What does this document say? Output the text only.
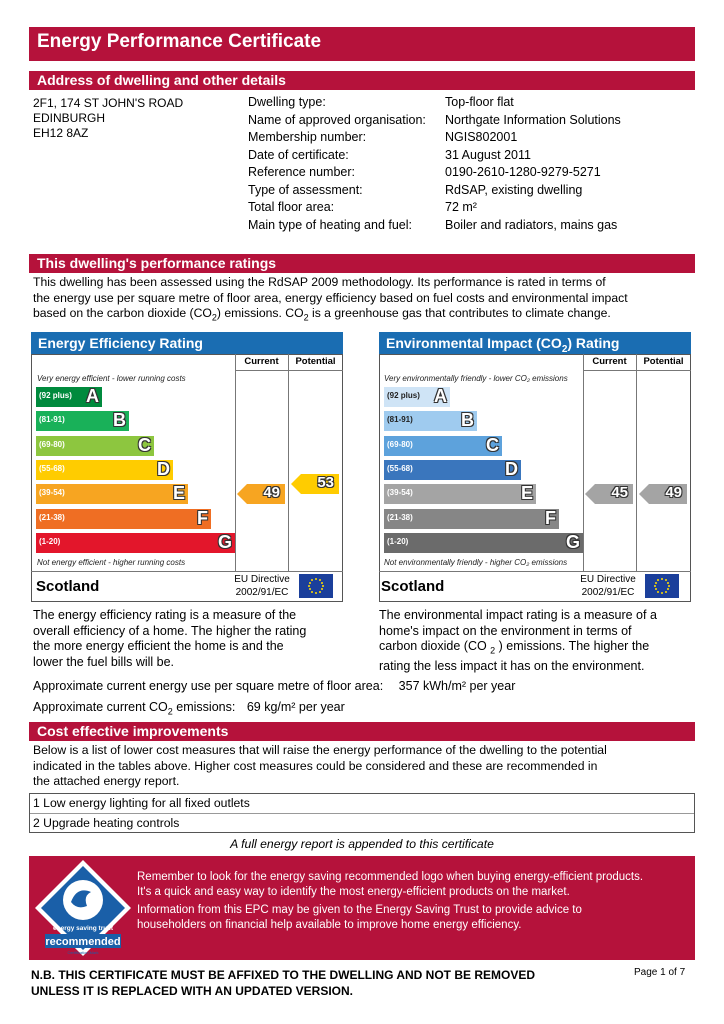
Energy Performance Certificate
Address of dwelling and other details
2F1, 174 ST JOHN'S ROAD
EDINBURGH
EH12 8AZ
Dwelling type:	Top-floor flat
Name of approved organisation:	Northgate Information Solutions
Membership number:	NGIS802001
Date of certificate:	31 August 2011
Reference number:	0190-2610-1280-9279-5271
Type of assessment:	RdSAP, existing dwelling
Total floor area:	72 m²
Main type of heating and fuel:	Boiler and radiators, mains gas
This dwelling's performance ratings
This dwelling has been assessed using the RdSAP 2009 methodology. Its performance is rated in terms of
the energy use per square metre of floor area, energy efficiency based on fuel costs and environmental impact
based on the carbon dioxide $(CO_2)$ emissions. $CO_2$ is a greenhouse gas that contributes to climate change.
Energy Efficiency Rating
Current	Potential
Very energy efficient - lower running costs
Not energy efficient - higher running costs
Scotland	EU Directive
2002/91/EC
(92 plus) A
(81-91)	B
(69-80)	C
(55-68)	D
(39-54)	E
(21-38)	F
(1-20)	G
49
53
Environmental Impact $(CO_2)$ Rating
Current	Potential
Very environmentally friendly - lower CO₂ emissions
Not environmentally friendly - higher CO₂ emissions
Scotland	EU Directive
2002/91/EC
(92 plus) A
(81-91)	B
(69-80)	C
(55-68)	D
(39-54)	E
(21-38)	F
(1-20)	G
45 49
The energy efficiency rating is a measure of the
overall efficiency of a home. The higher the rating
the more energy efficient the home is and the
lower the fuel bills will be.
The environmental impact rating is a measure of a
home's impact on the environment in terms of
carbon dioxide (CO $_2$ ) emissions. The higher the
rating the less impact it has on the environment.
Approximate current energy use per square metre of floor area: 357 kWh/m² per year
Approximate current $CO_2$ emissions: 69 kg/m² per year
Cost effective improvements
Below is a list of lower cost measures that will raise the energy performance of the dwelling to the potential
indicated in the tables above. Higher cost measures could be considered and these are recommended in
the attached energy report.
1 Low energy lighting for all fixed outlets
2 Upgrade heating controls
A full energy report is appended to this certificate
energy saving trust
recommended
Certification Mark
Remember to look for the energy saving recommended logo when buying energy-efficient products.
It's a quick and easy way to identify the most energy-efficient products on the market.
Information from this EPC may be given to the Energy Saving Trust to provide advice to
householders on financial help available to improve home energy efficiency.
N.B. THIS CERTIFICATE MUST BE AFFIXED TO THE DWELLING AND NOT BE REMOVED
UNLESS IT IS REPLACED WITH AN UPDATED VERSION.
Page 1 of 7
